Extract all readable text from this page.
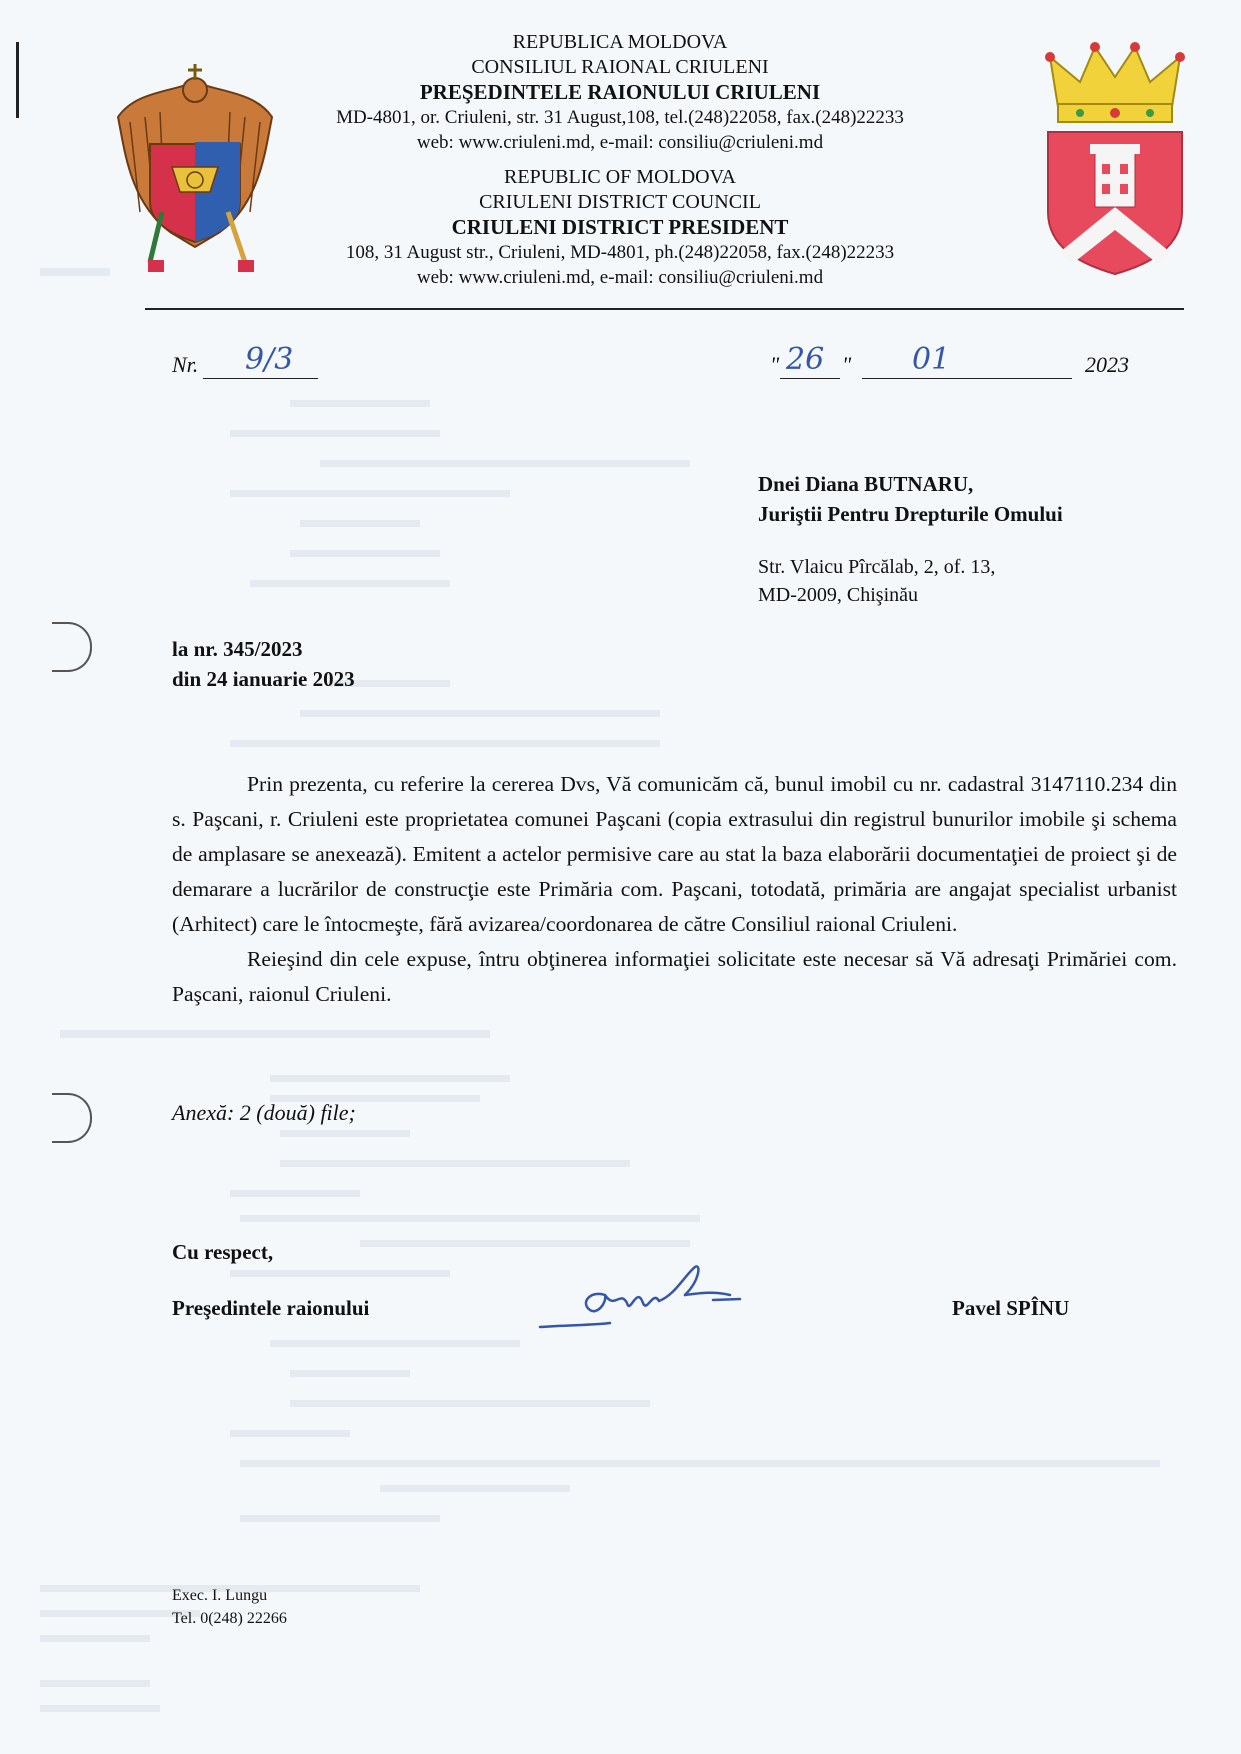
REPUBLICA MOLDOVA
CONSILIUL RAIONAL CRIULENI
PREŞEDINTELE RAIONULUI CRIULENI
MD-4801, or. Criuleni, str. 31 August,108, tel.(248)22058, fax.(248)22233
web: www.criuleni.md, e-mail: consiliu@criuleni.md
REPUBLIC OF MOLDOVA
CRIULENI DISTRICT COUNCIL
CRIULENI DISTRICT PRESIDENT
108, 31 August str., Criuleni, MD-4801, ph.(248)22058, fax.(248)22233
web: www.criuleni.md, e-mail: consiliu@criuleni.md
Nr. 9/3	" 26 " 01	2023
Dnei Diana BUTNARU,
Juriştii Pentru Drepturile Omului
Str. Vlaicu Pîrcălab, 2, of. 13,
MD-2009, Chişinău
la nr. 345/2023
din 24 ianuarie 2023

Prin prezenta, cu referire la cererea Dvs, Vă comunicăm că, bunul imobil cu nr. cadastral 3147110.234 din s. Paşcani, r. Criuleni este proprietatea comunei Paşcani (copia extrasului din registrul bunurilor imobile şi schema de amplasare se anexează). Emitent a actelor permisive care au stat la baza elaborării documentaţiei de proiect şi de demarare a lucrărilor de construcţie este Primăria com. Paşcani, totodată, primăria are angajat specialist urbanist (Arhitect) care le întocmeşte, fără avizarea/coordonarea de către Consiliul raional Criuleni.

Reieşind din cele expuse, întru obţinerea informaţiei solicitate este necesar să Vă adresaţi Primăriei com. Paşcani, raionul Criuleni.

Anexă: 2 (două) file;
Cu respect,
Preşedintele raionului	Pavel SPÎNU
Exec. I. Lungu
Tel. 0(248) 22266
